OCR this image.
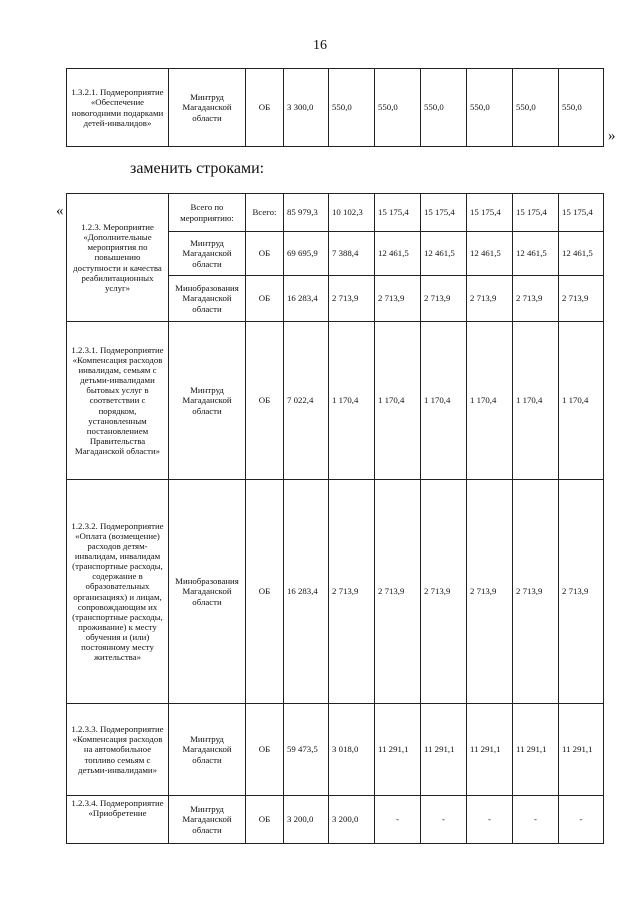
16
1.3.2.1. Подмероприятие «Обеспечение новогодними подарками детей-инвалидов»	Минтруд Магаданской области	ОБ	3 300,0	550,0	550,0	550,0	550,0	550,0	550,0
»
заменить строками:
«
1.2.3. Мероприятие «Дополнительные мероприятия по повышению доступности и качества реабилитационных услуг»	Всего по мероприятию:	Всего:	85 979,3	10 102,3	15 175,4	15 175,4	15 175,4	15 175,4	15 175,4
	Минтруд Магаданской области	ОБ	69 695,9	7 388,4	12 461,5	12 461,5	12 461,5	12 461,5	12 461,5
	Минобразования Магаданской области	ОБ	16 283,4	2 713,9	2 713,9	2 713,9	2 713,9	2 713,9	2 713,9
1.2.3.1. Подмероприятие «Компенсация расходов инвалидам, семьям с детьми-инвалидами бытовых услуг в соответствии с порядком, установленным постановлением Правительства Магаданской области»	Минтруд Магаданской области	ОБ	7 022,4	1 170,4	1 170,4	1 170,4	1 170,4	1 170,4	1 170,4
1.2.3.2. Подмероприятие «Оплата (возмещение) расходов детям-инвалидам, инвалидам (транспортные расходы, содержание в образовательных организациях) и лицам, сопровождающим их (транспортные расходы, проживание) к месту обучения и (или) постоянному месту жительства»	Минобразования Магаданской области	ОБ	16 283,4	2 713,9	2 713,9	2 713,9	2 713,9	2 713,9	2 713,9
1.2.3.3. Подмероприятие «Компенсация расходов на автомобильное топливо семьям с детьми-инвалидами»	Минтруд Магаданской области	ОБ	59 473,5	3 018,0	11 291,1	11 291,1	11 291,1	11 291,1	11 291,1
1.2.3.4. Подмероприятие «Приобретение	Минтруд Магаданской области	ОБ	3 200,0	3 200,0	-	-	-	-	-
